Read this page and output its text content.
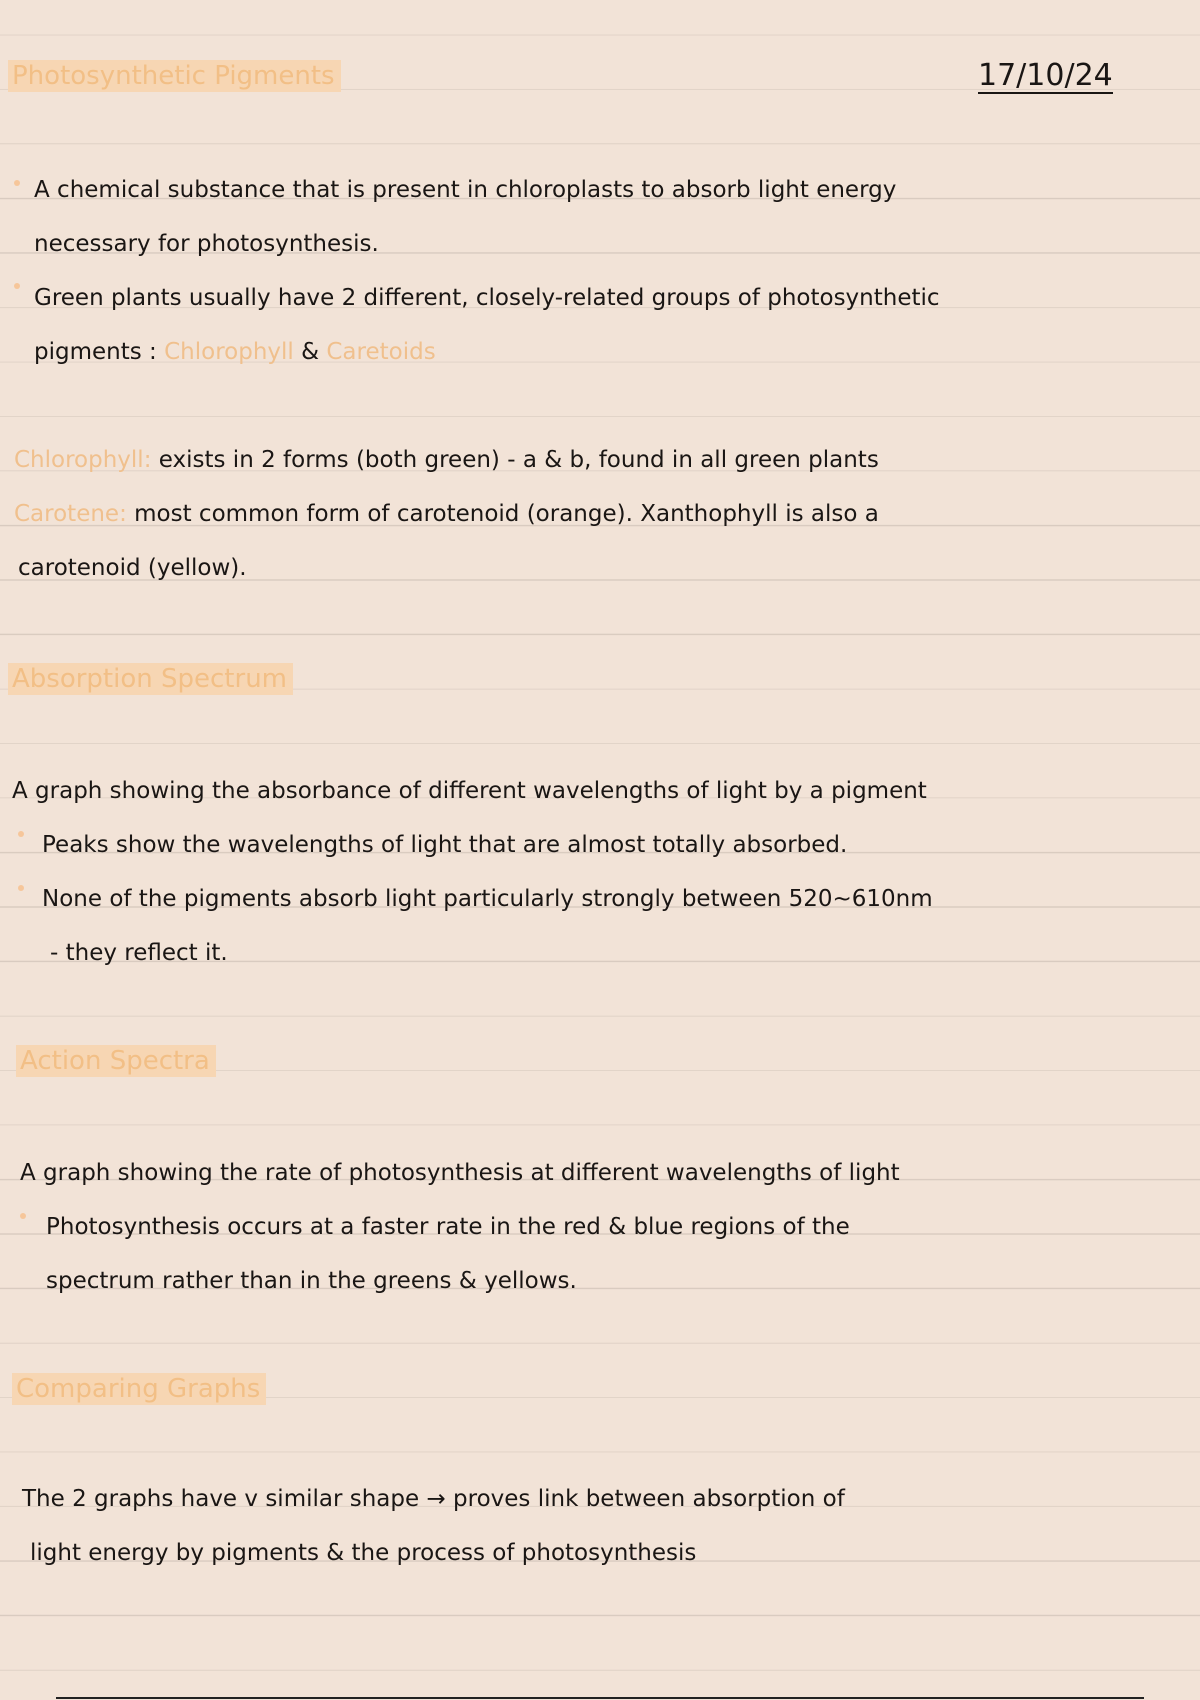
Photosynthetic Pigments	17/10/24
A chemical substance that is present in chloroplasts to absorb light energy
necessary for photosynthesis.
Green plants usually have 2 different, closely-related groups of photosynthetic
pigments : Chlorophyll & Caretoids
Chlorophyll: exists in 2 forms (both green) - a & b, found in all green plants
Carotene: most common form of carotenoid (orange). Xanthophyll is also a
carotenoid (yellow).
Absorption Spectrum
A graph showing the absorbance of different wavelengths of light by a pigment
Peaks show the wavelengths of light that are almost totally absorbed.
None of the pigments absorb light particularly strongly between 520~610nm
- they reflect it.
Action Spectra
A graph showing the rate of photosynthesis at different wavelengths of light
Photosynthesis occurs at a faster rate in the red & blue regions of the
spectrum rather than in the greens & yellows.
Comparing Graphs
The 2 graphs have v similar shape → proves link between absorption of
light energy by pigments & the process of photosynthesis
